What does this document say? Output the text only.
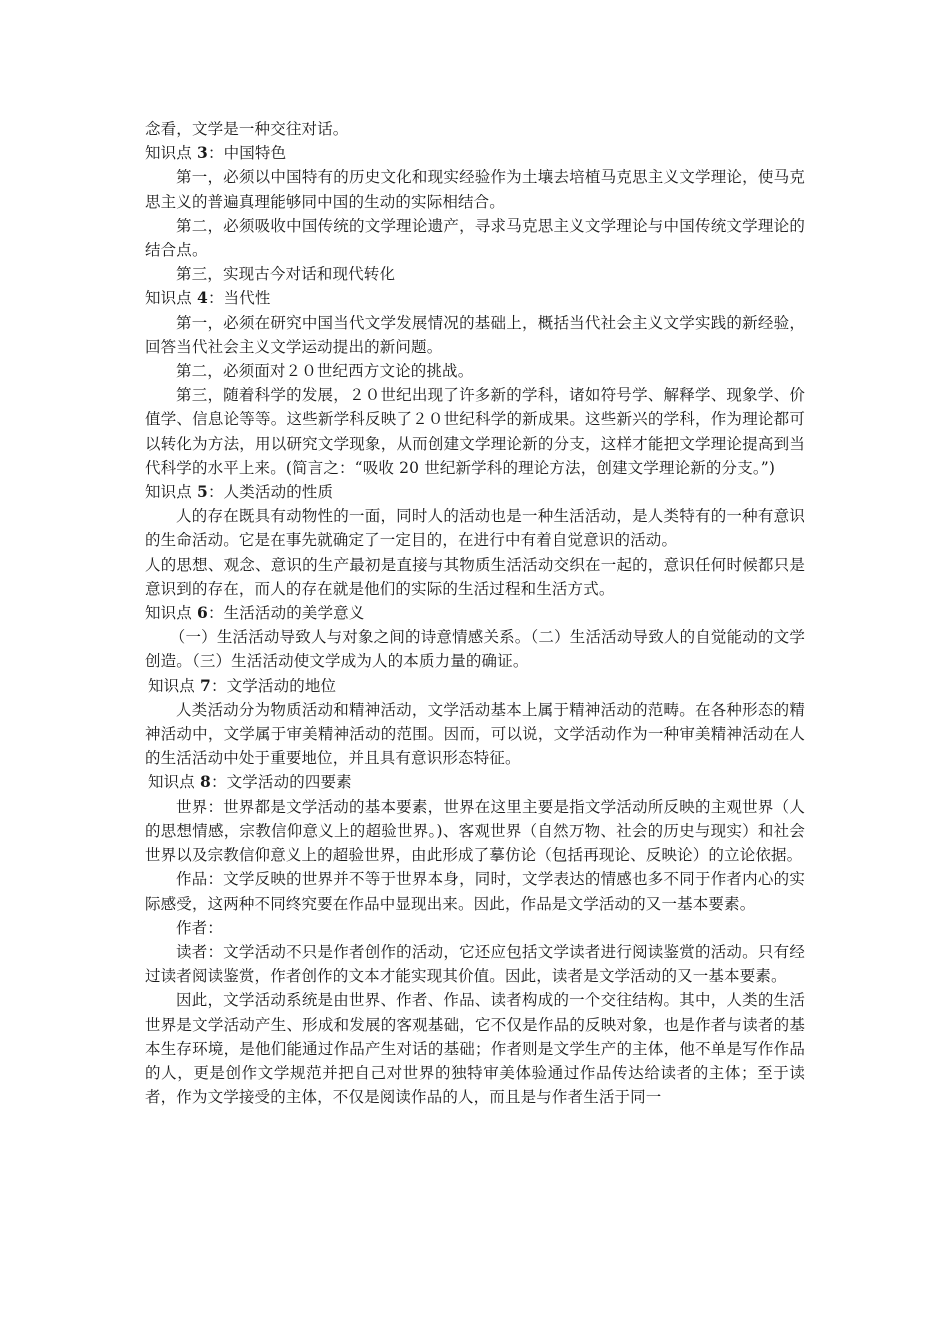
念看，文学是一种交往对话。

知识点 3：中国特色

第一，必须以中国特有的历史文化和现实经验作为土壤去培植马克思主义文学理论，使马克思主义的普遍真理能够同中国的生动的实际相结合。

第二，必须吸收中国传统的文学理论遗产，寻求马克思主义文学理论与中国传统文学理论的结合点。

第三，实现古今对话和现代转化

知识点 4：当代性

第一，必须在研究中国当代文学发展情况的基础上，概括当代社会主义文学实践的新经验，回答当代社会主义文学运动提出的新问题。

第二，必须面对２０世纪西方文论的挑战。

第三，随着科学的发展，２０世纪出现了许多新的学科，诸如符号学、解释学、现象学、价值学、信息论等等。这些新学科反映了２０世纪科学的新成果。这些新兴的学科，作为理论都可以转化为方法，用以研究文学现象，从而创建文学理论新的分支，这样才能把文学理论提高到当代科学的水平上来。(简言之：“吸收 20 世纪新学科的理论方法，创建文学理论新的分支。”)

知识点 5：人类活动的性质

人的存在既具有动物性的一面，同时人的活动也是一种生活活动，是人类特有的一种有意识的生命活动。它是在事先就确定了一定目的，在进行中有着自觉意识的活动。

人的思想、观念、意识的生产最初是直接与其物质生活活动交织在一起的，意识任何时候都只是意识到的存在，而人的存在就是他们的实际的生活过程和生活方式。

知识点 6：生活活动的美学意义

（一）生活活动导致人与对象之间的诗意情感关系。（二）生活活动导致人的自觉能动的文学创造。（三）生活活动使文学成为人的本质力量的确证。

知识点 7：文学活动的地位

人类活动分为物质活动和精神活动，文学活动基本上属于精神活动的范畴。在各种形态的精神活动中，文学属于审美精神活动的范围。因而，可以说，文学活动作为一种审美精神活动在人的生活活动中处于重要地位，并且具有意识形态特征。

知识点 8：文学活动的四要素

世界：世界都是文学活动的基本要素，世界在这里主要是指文学活动所反映的主观世界（人的思想情感，宗教信仰意义上的超验世界。)、客观世界（自然万物、社会的历史与现实）和社会世界以及宗教信仰意义上的超验世界，由此形成了摹仿论（包括再现论、反映论）的立论依据。

作品：文学反映的世界并不等于世界本身，同时，文学表达的情感也多不同于作者内心的实际感受，这两种不同终究要在作品中显现出来。因此，作品是文学活动的又一基本要素。

作者：

读者：文学活动不只是作者创作的活动，它还应包括文学读者进行阅读鉴赏的活动。只有经过读者阅读鉴赏，作者创作的文本才能实现其价值。因此，读者是文学活动的又一基本要素。

因此，文学活动系统是由世界、作者、作品、读者构成的一个交往结构。其中，人类的生活世界是文学活动产生、形成和发展的客观基础，它不仅是作品的反映对象，也是作者与读者的基本生存环境，是他们能通过作品产生对话的基础；作者则是文学生产的主体，他不单是写作作品的人，更是创作文学规范并把自己对世界的独特审美体验通过作品传达给读者的主体；至于读者，作为文学接受的主体，不仅是阅读作品的人，而且是与作者生活于同一
